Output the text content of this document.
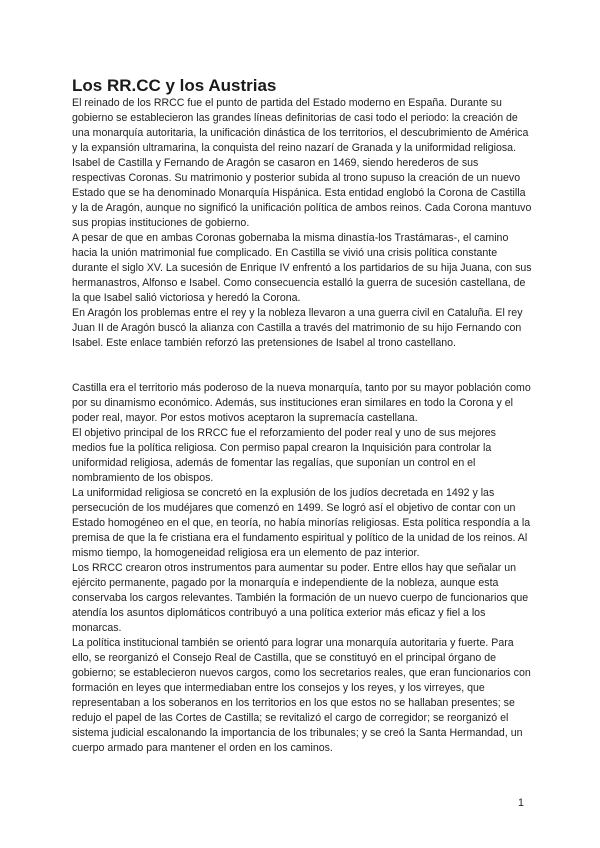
Los RR.CC y los Austrias

El reinado de los RRCC fue el punto de partida del Estado moderno en España. Durante su gobierno se establecieron las grandes líneas definitorias de casi todo el periodo: la creación de una monarquía autoritaria, la unificación dinástica de los territorios, el descubrimiento de América y la expansión ultramarina, la conquista del reino nazarí de Granada y la uniformidad religiosa.

Isabel de Castilla y Fernando de Aragón se casaron en 1469, siendo herederos de sus respectivas Coronas. Su matrimonio y posterior subida al trono supuso la creación de un nuevo Estado que se ha denominado Monarquía Hispánica. Esta entidad englobó la Corona de Castilla y la de Aragón, aunque no significó la unificación política de ambos reinos. Cada Corona mantuvo sus propias instituciones de gobierno.

A pesar de que en ambas Coronas gobernaba la misma dinastía-los Trastámaras-, el camino hacia la unión matrimonial fue complicado. En Castilla se vivió una crisis política constante durante el siglo XV. La sucesión de Enrique IV enfrentó a los partidarios de su hija Juana, con sus hermanastros, Alfonso e Isabel. Como consecuencia estalló la guerra de sucesión castellana, de la que Isabel salió victoriosa y heredó la Corona.

En Aragón los problemas entre el rey y la nobleza llevaron a una guerra civil en Cataluña. El rey Juan II de Aragón buscó la alianza con Castilla a través del matrimonio de su hijo Fernando con Isabel. Este enlace también reforzó las pretensiones de Isabel al trono castellano.

Castilla era el territorio más poderoso de la nueva monarquía, tanto por su mayor población como por su dinamismo económico. Además, sus instituciones eran similares en todo la Corona y el poder real, mayor. Por estos motivos aceptaron la supremacía castellana.

El objetivo principal de los RRCC fue el reforzamiento del poder real y uno de sus mejores medios fue la política religiosa. Con permiso papal crearon la Inquisición para controlar la uniformidad religiosa, además de fomentar las regalías, que suponían un control en el nombramiento de los obispos.

La uniformidad religiosa se concretó en la explusión de los judíos decretada en 1492 y las persecución de los mudéjares que comenzó en 1499. Se logró así el objetivo de contar con un Estado homogéneo en el que, en teoría, no había minorías religiosas. Esta política respondía a la premisa de que la fe cristiana era el fundamento espiritual y político de la unidad de los reinos. Al mismo tiempo, la homogeneidad religiosa era un elemento de paz interior.

Los RRCC crearon otros instrumentos para aumentar su poder. Entre ellos hay que señalar un ejército permanente, pagado por la monarquía e independiente de la nobleza, aunque esta conservaba los cargos relevantes. También la formación de un nuevo cuerpo de funcionarios que atendía los asuntos diplomáticos contribuyó a una política exterior más eficaz y fiel a los monarcas.

La política institucional también se orientó para lograr una monarquía autoritaria y fuerte. Para ello, se reorganizó el Consejo Real de Castilla, que se constituyó en el principal órgano de gobierno; se establecieron nuevos cargos, como los secretarios reales, que eran funcionarios con formación en leyes que intermediaban entre los consejos y los reyes, y los virreyes, que representaban a los soberanos en los territorios en los que estos no se hallaban presentes; se redujo el papel de las Cortes de Castilla; se revitalizó el cargo de corregidor; se reorganizó el sistema judicial escalonando la importancia de los tribunales; y se creó la Santa Hermandad, un cuerpo armado para mantener el orden en los caminos.

1
